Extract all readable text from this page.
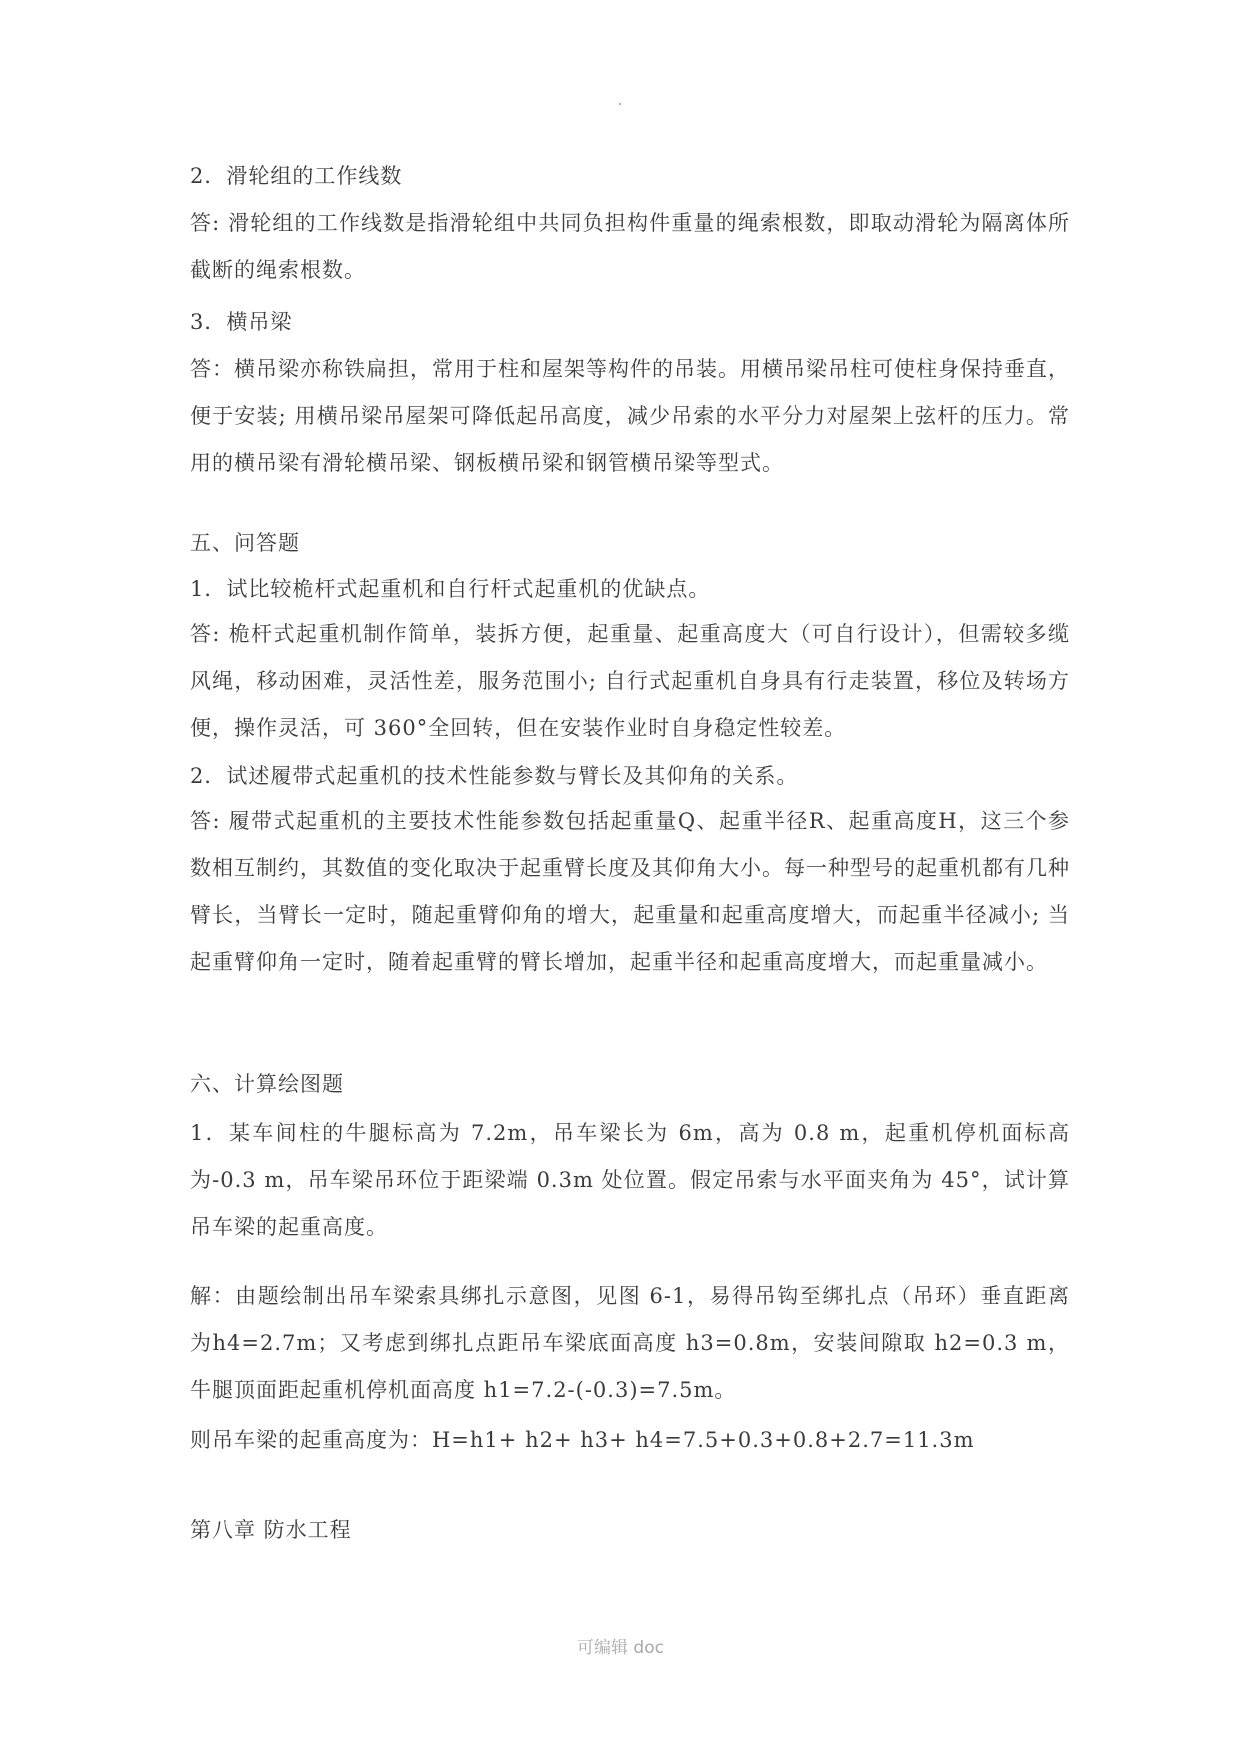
2．滑轮组的工作线数

答: 滑轮组的工作线数是指滑轮组中共同负担构件重量的绳索根数，即取动滑轮为隔离体所截断的绳索根数。

3．横吊梁

答：横吊梁亦称铁扁担，常用于柱和屋架等构件的吊装。用横吊梁吊柱可使柱身保持垂直，便于安装; 用横吊梁吊屋架可降低起吊高度，减少吊索的水平分力对屋架上弦杆的压力。常用的横吊梁有滑轮横吊梁、钢板横吊梁和钢管横吊梁等型式。

五、问答题

1．试比较桅杆式起重机和自行杆式起重机的优缺点。

答: 桅杆式起重机制作简单，装拆方便，起重量、起重高度大（可自行设计），但需较多缆风绳，移动困难，灵活性差，服务范围小; 自行式起重机自身具有行走装置，移位及转场方便，操作灵活，可 360°全回转，但在安装作业时自身稳定性较差。

2．试述履带式起重机的技术性能参数与臂长及其仰角的关系。

答: 履带式起重机的主要技术性能参数包括起重量Q、起重半径R、起重高度H，这三个参数相互制约，其数值的变化取决于起重臂长度及其仰角大小。每一种型号的起重机都有几种臂长，当臂长一定时，随起重臂仰角的增大，起重量和起重高度增大，而起重半径减小; 当起重臂仰角一定时，随着起重臂的臂长增加，起重半径和起重高度增大，而起重量减小。

六、计算绘图题

1．某车间柱的牛腿标高为 7.2m，吊车梁长为 6m，高为 0.8 m，起重机停机面标高为-0.3 m，吊车梁吊环位于距梁端 0.3m 处位置。假定吊索与水平面夹角为 45°，试计算吊车梁的起重高度。

解：由题绘制出吊车梁索具绑扎示意图，见图 6-1，易得吊钩至绑扎点（吊环）垂直距离为h4=2.7m；又考虑到绑扎点距吊车梁底面高度 h3=0.8m，安装间隙取 h2=0.3 m，牛腿顶面距起重机停机面高度 h1=7.2-(-0.3)=7.5m。

则吊车梁的起重高度为：H=h1+ h2+ h3+ h4=7.5+0.3+0.8+2.7=11.3m

第八章 防水工程

可编辑 doc
